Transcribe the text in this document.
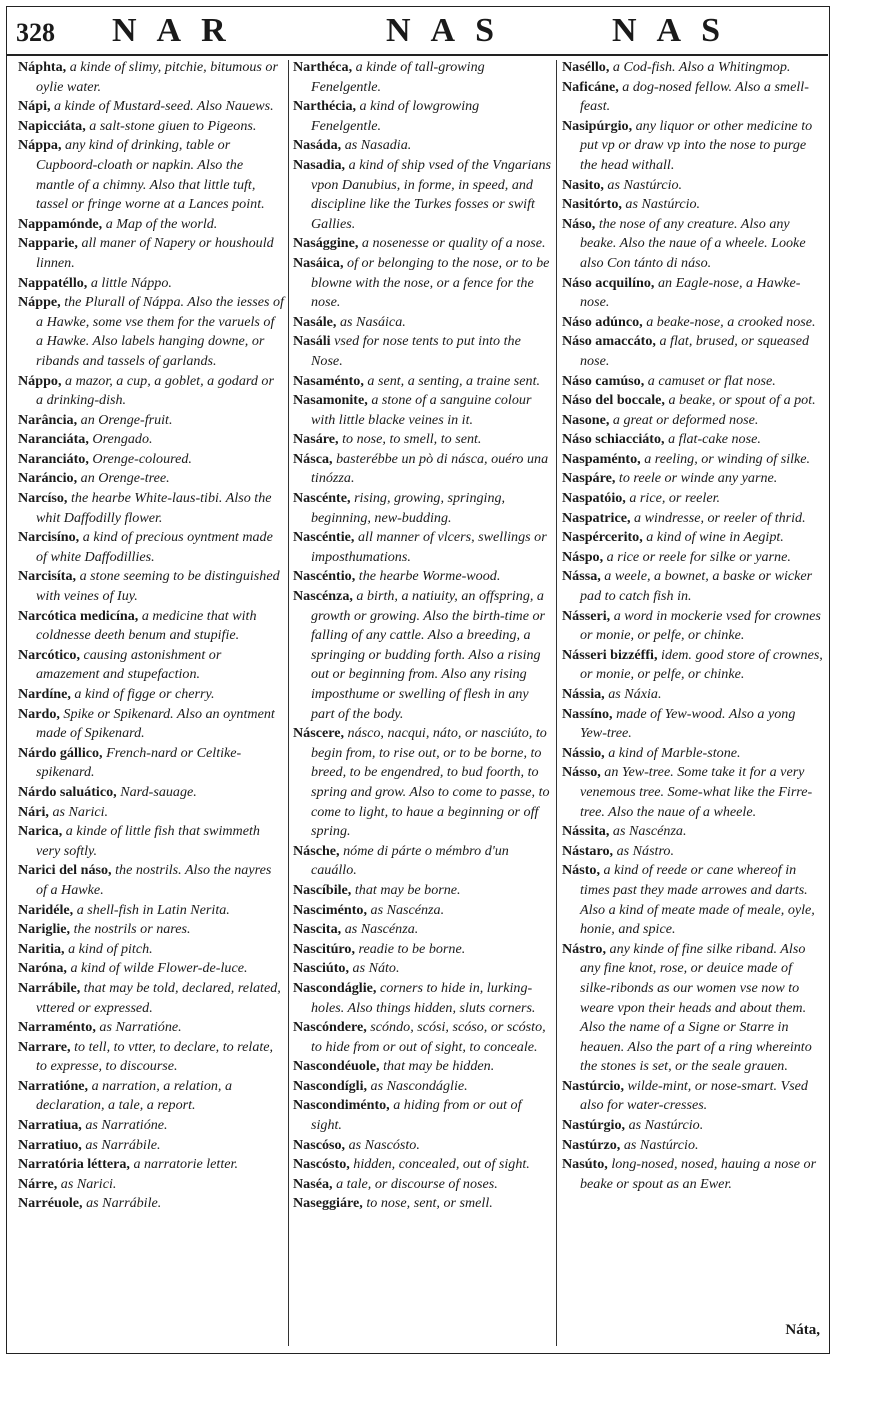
328 NAR	NAS	NAS

Náphta, a kinde of slimy, pitchie, bitumous or oylie water.

Nápi, a kinde of Mustard-seed. Also Nauews.

Napicciáta, a salt-stone giuen to Pigeons.

Náppa, any kind of drinking, table or Cupboord-cloath or napkin. Also the mantle of a chimny. Also that little tuft, tassel or fringe worne at a Lances point.

Nappamónde, a Map of the world.

Napparie, all maner of Napery or houshould linnen.

Nappatéllo, a little Náppo.

Náppe, the Plurall of Náppa. Also the iesses of a Hawke, some vse them for the varuels of a Hawke. Also labels hanging downe, or ribands and tassels of garlands.

Náppo, a mazor, a cup, a goblet, a godard or a drinking-dish.

Narância, an Orenge-fruit.

Naranciáta, Orengado.

Naranciáto, Orenge-coloured.

Naráncio, an Orenge-tree.

Narcíso, the hearbe White-laus-tibi. Also the whit Daffodilly flower.

Narcisíno, a kind of precious oyntment made of white Daffodillies.

Narcisíta, a stone seeming to be distinguished with veines of Iuy.

Narcótica medicína, a medicine that with coldnesse deeth benum and stupifie.

Narcótico, causing astonishment or amazement and stupefaction.

Nardíne, a kind of figge or cherry.

Nardo, Spike or Spikenard. Also an oyntment made of Spikenard.

Nárdo gállico, French-nard or Celtike-spikenard.

Nárdo saluático, Nard-sauage.

Nári, as Narici.

Narica, a kinde of little fish that swimmeth very softly.

Narici del náso, the nostrils. Also the nayres of a Hawke.

Naridéle, a shell-fish in Latin Nerita.

Nariglie, the nostrils or nares.

Naritia, a kind of pitch.

Naróna, a kind of wilde Flower-de-luce.

Narrábile, that may be told, declared, related, vttered or expressed.

Narraménto, as Narratióne.

Narrare, to tell, to vtter, to declare, to relate, to expresse, to discourse.

Narratióne, a narration, a relation, a declaration, a tale, a report.

Narratiua, as Narratióne.

Narratiuo, as Narrábile.

Narratória léttera, a narratorie letter.

Nárre, as Narici.

Narréuole, as Narrábile.

Narthéca, a kinde of tall-growing Fenelgentle.

Narthécia, a kind of lowgrowing Fenelgentle.

Nasáda, as Nasadia.

Nasadia, a kind of ship vsed of the Vngarians vpon Danubius, in forme, in speed, and discipline like the Turkes fosses or swift Gallies.

Nasággine, a nosenesse or quality of a nose.

Nasáica, of or belonging to the nose, or to be blowne with the nose, or a fence for the nose.

Nasále, as Nasáica.

Nasáli vsed for nose tents to put into the Nose.

Nasaménto, a sent, a senting, a traine sent.

Nasamonite, a stone of a sanguine colour with little blacke veines in it.

Nasáre, to nose, to smell, to sent.

Násca, basterébbe un pò di násca, ouéro una tinózza.

Nascénte, rising, growing, springing, beginning, new-budding.

Nascéntie, all manner of vlcers, swellings or imposthumations.

Nascéntio, the hearbe Worme-wood.

Nascénza, a birth, a natiuity, an offspring, a growth or growing. Also the birth-time or falling of any cattle. Also a breeding, a springing or budding forth. Also a rising out or beginning from. Also any rising imposthume or swelling of flesh in any part of the body.

Náscere, násco, nacqui, náto, or nasciúto, to begin from, to rise out, or to be borne, to breed, to be engendred, to bud foorth, to spring and grow. Also to come to passe, to come to light, to haue a beginning or off spring.

Násche, nóme di párte o mémbro d'un cauállo.

Nascíbile, that may be borne.

Nasciménto, as Nascénza.

Nascita, as Nascénza.

Nascitúro, readie to be borne.

Nasciúto, as Náto.

Nascondáglie, corners to hide in, lurking-holes. Also things hidden, sluts corners.

Nascóndere, scóndo, scósi, scóso, or scósto, to hide from or out of sight, to conceale.

Nascondéuole, that may be hidden.

Nascondígli, as Nascondáglie.

Nascondiménto, a hiding from or out of sight.

Nascóso, as Nascósto.

Nascósto, hidden, concealed, out of sight.

Naséa, a tale, or discourse of noses.

Naseggiáre, to nose, sent, or smell.

Naséllo, a Cod-fish. Also a Whitingmop.

Naficáne, a dog-nosed fellow. Also a smell-feast.

Nasipúrgio, any liquor or other medicine to put vp or draw vp into the nose to purge the head withall.

Nasito, as Nastúrcio.

Nasitórto, as Nastúrcio.

Náso, the nose of any creature. Also any beake. Also the naue of a wheele. Looke also Con tánto di náso.

Náso acquilíno, an Eagle-nose, a Hawke-nose.

Náso adúnco, a beake-nose, a crooked nose.

Náso amaccáto, a flat, brused, or squeased nose.

Náso camúso, a camuset or flat nose.

Náso del boccale, a beake, or spout of a pot.

Nasone, a great or deformed nose.

Náso schiacciáto, a flat-cake nose.

Naspaménto, a reeling, or winding of silke.

Naspáre, to reele or winde any yarne.

Naspatóio, a rice, or reeler.

Naspatrice, a windresse, or reeler of thrid.

Naspércerito, a kind of wine in Aegipt.

Náspo, a rice or reele for silke or yarne.

Nássa, a weele, a bownet, a baske or wicker pad to catch fish in.

Násseri, a word in mockerie vsed for crownes or monie, or pelfe, or chinke.

Násseri bizzéffi, idem. good store of crownes, or monie, or pelfe, or chinke.

Nássia, as Náxia.

Nassíno, made of Yew-wood. Also a yong Yew-tree.

Nássio, a kind of Marble-stone.

Násso, an Yew-tree. Some take it for a very venemous tree. Some-what like the Firre-tree. Also the naue of a wheele.

Nássita, as Nascénza.

Nástaro, as Nástro.

Násto, a kind of reede or cane whereof in times past they made arrowes and darts. Also a kind of meate made of meale, oyle, honie, and spice.

Nástro, any kinde of fine silke riband. Also any fine knot, rose, or deuice made of silke-ribonds as our women vse now to weare vpon their heads and about them. Also the name of a Signe or Starre in heauen. Also the part of a ring whereinto the stones is set, or the seale grauen.

Nastúrcio, wilde-mint, or nose-smart. Vsed also for water-cresses.

Nastúrgio, as Nastúrcio.

Nastúrzo, as Nastúrcio.

Nasúto, long-nosed, nosed, hauing a nose or beake or spout as an Ewer.

Náta,
